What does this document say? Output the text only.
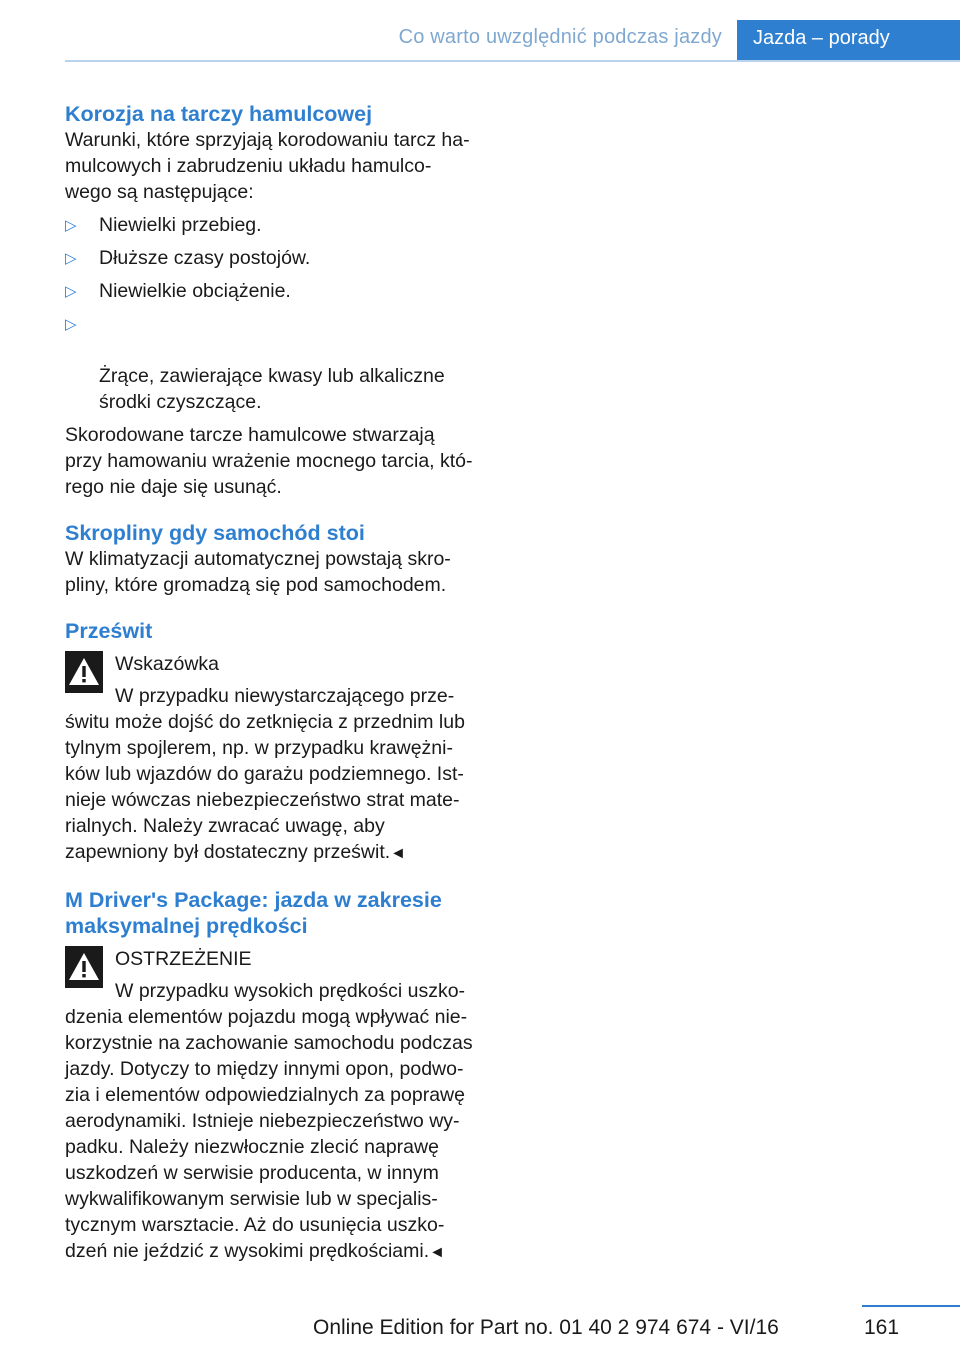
Co warto uwzględnić podczas jazdy	Jazda – porady
Korozja na tarczy hamulcowej

Warunki, które sprzyjają korodowaniu tarcz ha-
mulcowych i zabrudzeniu układu hamulco-
wego są następujące:

▷ Niewielki przebieg.
▷ Dłuższe czasy postojów.
▷ Niewielkie obciążenie.

▷

Żrące, zawierające kwasy lub alkaliczne
środki czyszczące.

Skorodowane tarcze hamulcowe stwarzają
przy hamowaniu wrażenie mocnego tarcia, któ-
rego nie daje się usunąć.

Skropliny gdy samochód stoi

W klimatyzacji automatycznej powstają skro-
pliny, które gromadzą się pod samochodem.

Prześwit

Wskazówka

W przypadku niewystarczającego prze-

świtu może dojść do zetknięcia z przednim lub
tylnym spojlerem, np. w przypadku krawężni-
ków lub wjazdów do garażu podziemnego. Ist-
nieje wówczas niebezpieczeństwo strat mate-
rialnych. Należy zwracać uwagę, aby
zapewniony był dostateczny prześwit.◄

M Driver's Package: jazda w zakresie
maksymalnej prędkości

OSTRZEŻENIE

W przypadku wysokich prędkości uszko-

dzenia elementów pojazdu mogą wpływać nie-
korzystnie na zachowanie samochodu podczas
jazdy. Dotyczy to między innymi opon, podwo-
zia i elementów odpowiedzialnych za poprawę
aerodynamiki. Istnieje niebezpieczeństwo wy-
padku. Należy niezwłocznie zlecić naprawę
uszkodzeń w serwisie producenta, w innym
wykwalifikowanym serwisie lub w specjalis-
tycznym warsztacie. Aż do usunięcia uszko-
dzeń nie jeździć z wysokimi prędkościami.◄

Online Edition for Part no. 01 40 2 974 674 - VI/16	161
